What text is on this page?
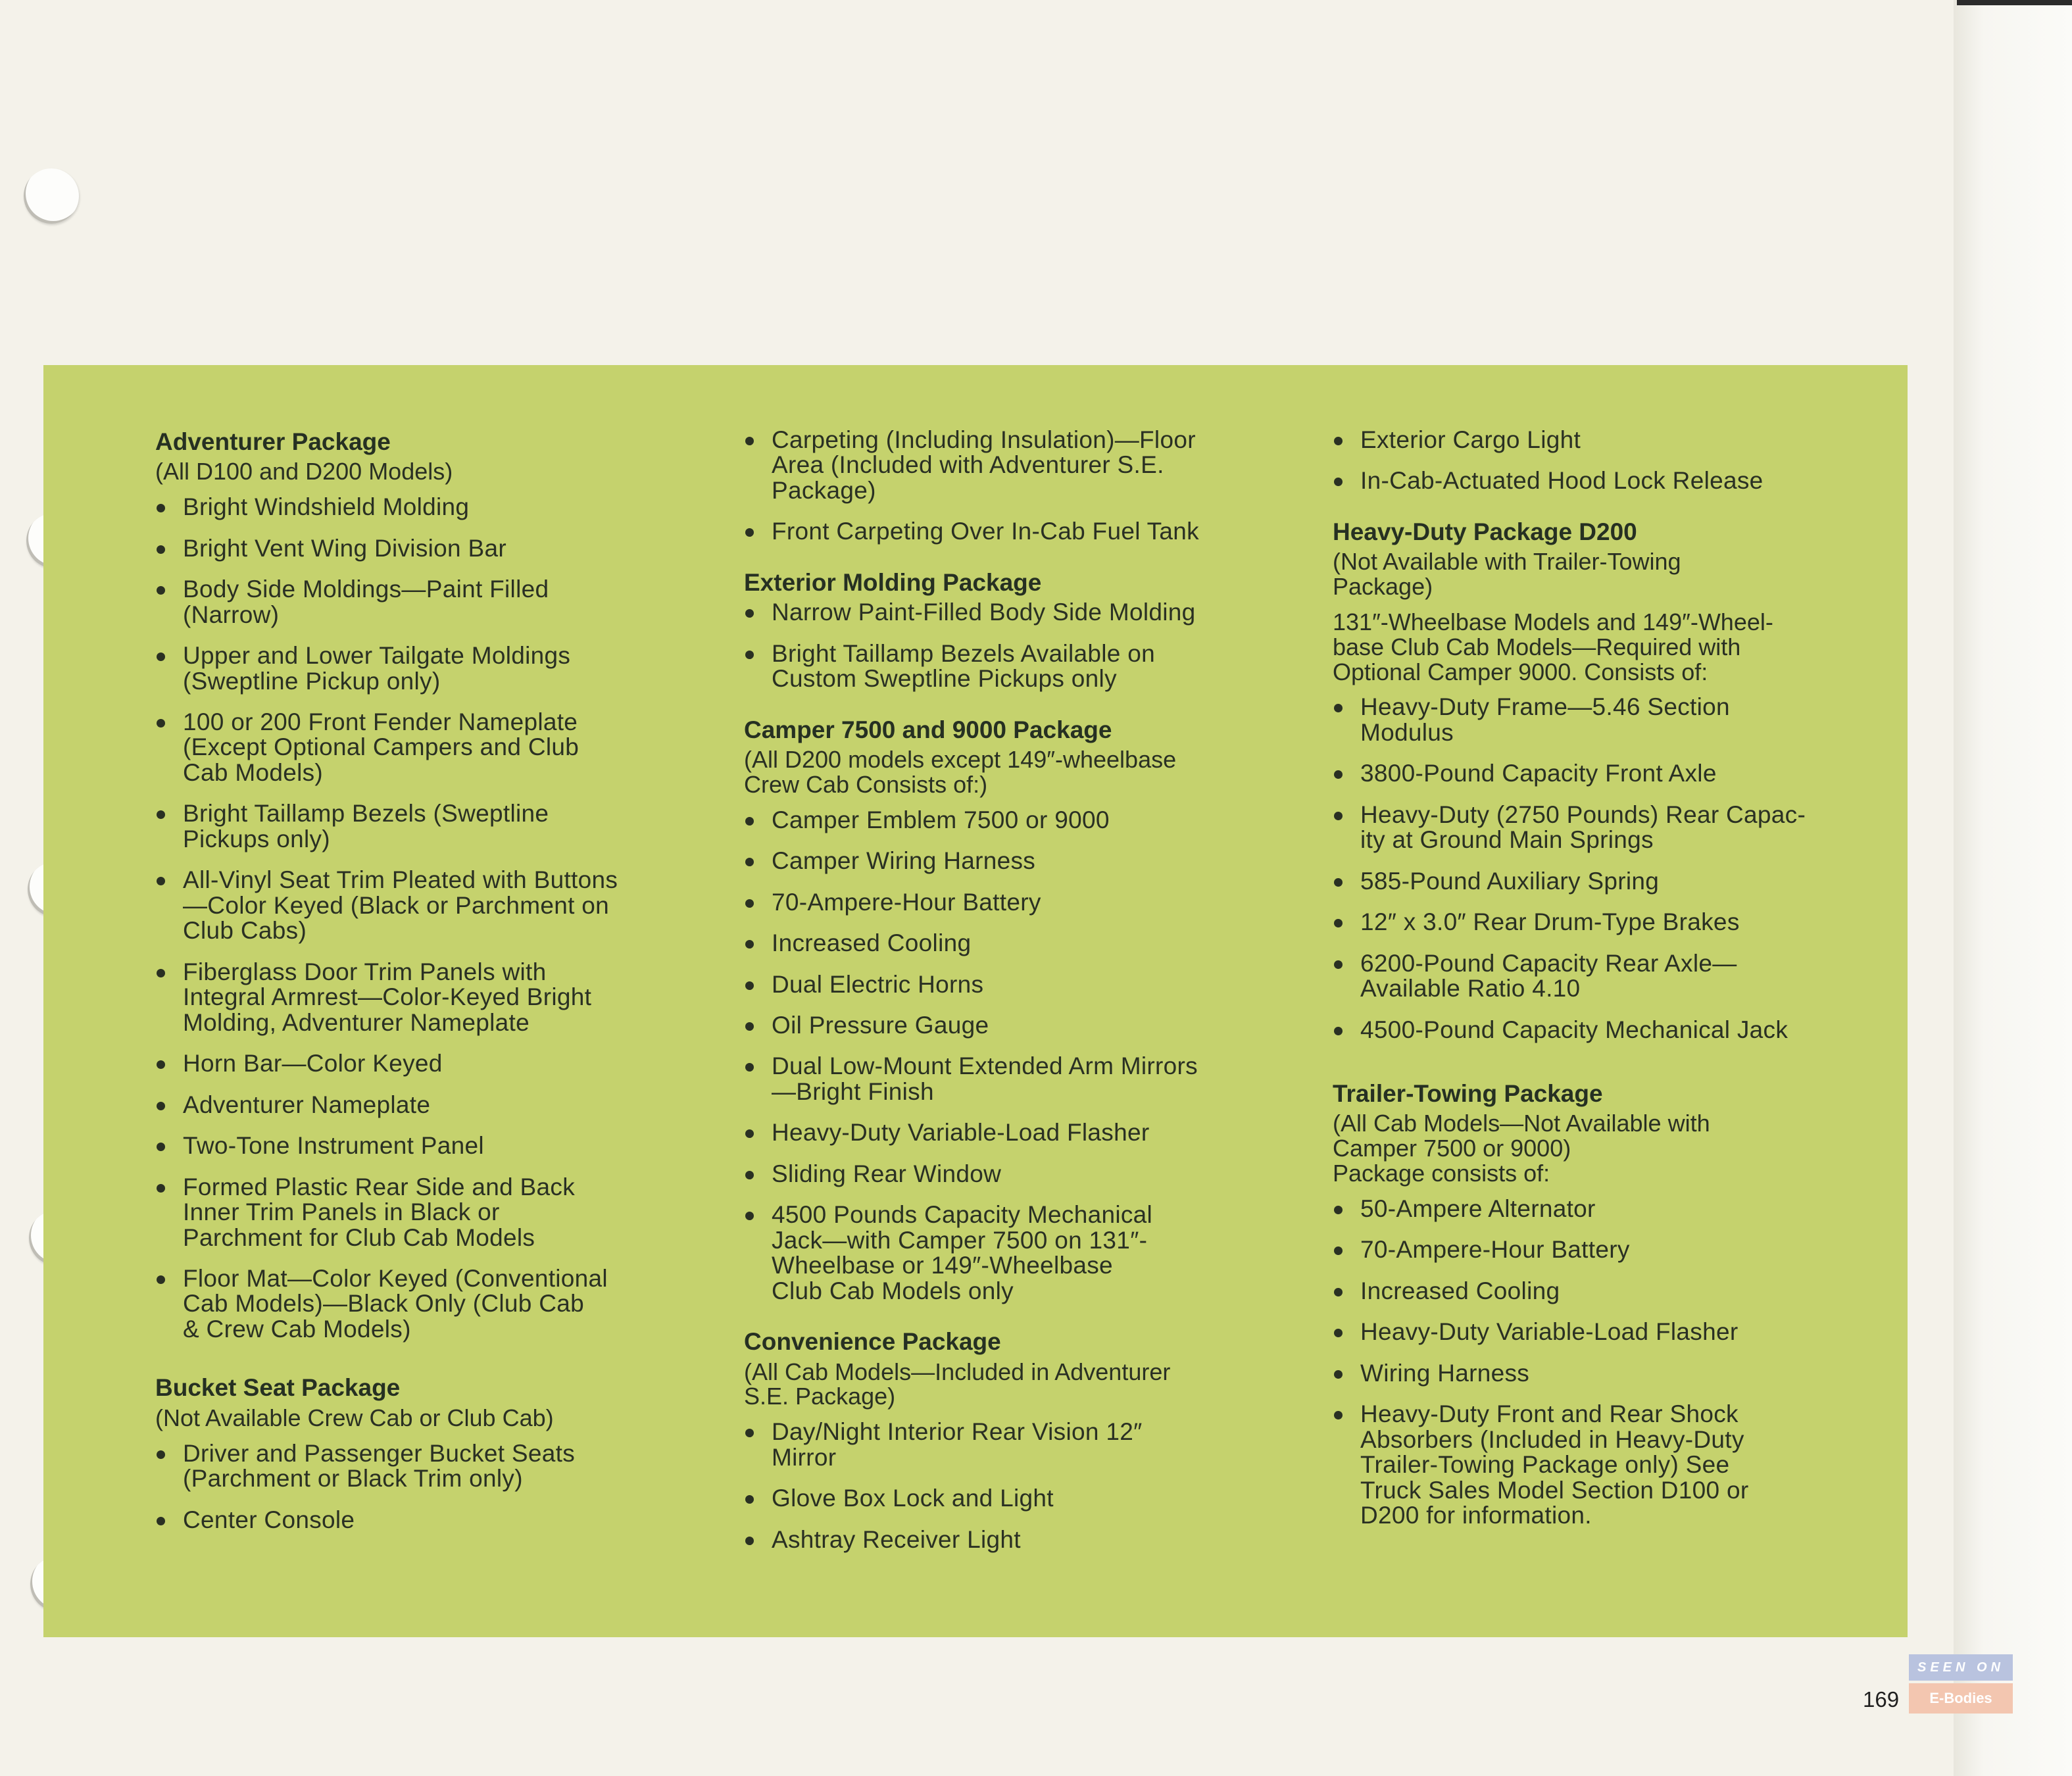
Adventurer Package
(All D100 and D200 Models)
Bright Windshield Molding
Bright Vent Wing Division Bar
Body Side Moldings—Paint Filled
(Narrow)
Upper and Lower Tailgate Moldings
(Sweptline Pickup only)
100 or 200 Front Fender Nameplate
(Except Optional Campers and Club
Cab Models)
Bright Taillamp Bezels (Sweptline
Pickups only)
All-Vinyl Seat Trim Pleated with Buttons
—Color Keyed (Black or Parchment on
Club Cabs)
Fiberglass Door Trim Panels with
Integral Armrest—Color-Keyed Bright
Molding, Adventurer Nameplate
Horn Bar—Color Keyed
Adventurer Nameplate
Two-Tone Instrument Panel
Formed Plastic Rear Side and Back
Inner Trim Panels in Black or
Parchment for Club Cab Models
Floor Mat—Color Keyed (Conventional
Cab Models)—Black Only (Club Cab
& Crew Cab Models)
Bucket Seat Package
(Not Available Crew Cab or Club Cab)
Driver and Passenger Bucket Seats
(Parchment or Black Trim only)
Center Console
Carpeting (Including Insulation)—Floor
Area (Included with Adventurer S.E.
Package)
Front Carpeting Over In-Cab Fuel Tank
Exterior Molding Package
Narrow Paint-Filled Body Side Molding
Bright Taillamp Bezels Available on
Custom Sweptline Pickups only
Camper 7500 and 9000 Package
(All D200 models except 149″-wheelbase
Crew Cab Consists of:)
Camper Emblem 7500 or 9000
Camper Wiring Harness
70-Ampere-Hour Battery
Increased Cooling
Dual Electric Horns
Oil Pressure Gauge
Dual Low-Mount Extended Arm Mirrors
—Bright Finish
Heavy-Duty Variable-Load Flasher
Sliding Rear Window
4500 Pounds Capacity Mechanical
Jack—with Camper 7500 on 131″-
Wheelbase or 149″-Wheelbase
Club Cab Models only
Convenience Package
(All Cab Models—Included in Adventurer
S.E. Package)
Day/Night Interior Rear Vision 12″
Mirror
Glove Box Lock and Light
Ashtray Receiver Light
Exterior Cargo Light
In-Cab-Actuated Hood Lock Release
Heavy-Duty Package D200
(Not Available with Trailer-Towing
Package)
131″-Wheelbase Models and 149″-Wheel-
base Club Cab Models—Required with
Optional Camper 9000. Consists of:
Heavy-Duty Frame—5.46 Section
Modulus
3800-Pound Capacity Front Axle
Heavy-Duty (2750 Pounds) Rear Capac-
ity at Ground Main Springs
585-Pound Auxiliary Spring
12″ x 3.0″ Rear Drum-Type Brakes
6200-Pound Capacity Rear Axle—
Available Ratio 4.10
4500-Pound Capacity Mechanical Jack
Trailer-Towing Package
(All Cab Models—Not Available with
Camper 7500 or 9000)
Package consists of:
50-Ampere Alternator
70-Ampere-Hour Battery
Increased Cooling
Heavy-Duty Variable-Load Flasher
Wiring Harness
Heavy-Duty Front and Rear Shock
Absorbers (Included in Heavy-Duty
Trailer-Towing Package only) See
Truck Sales Model Section D100 or
D200 for information.
169
SEEN ON
E-Bodies
